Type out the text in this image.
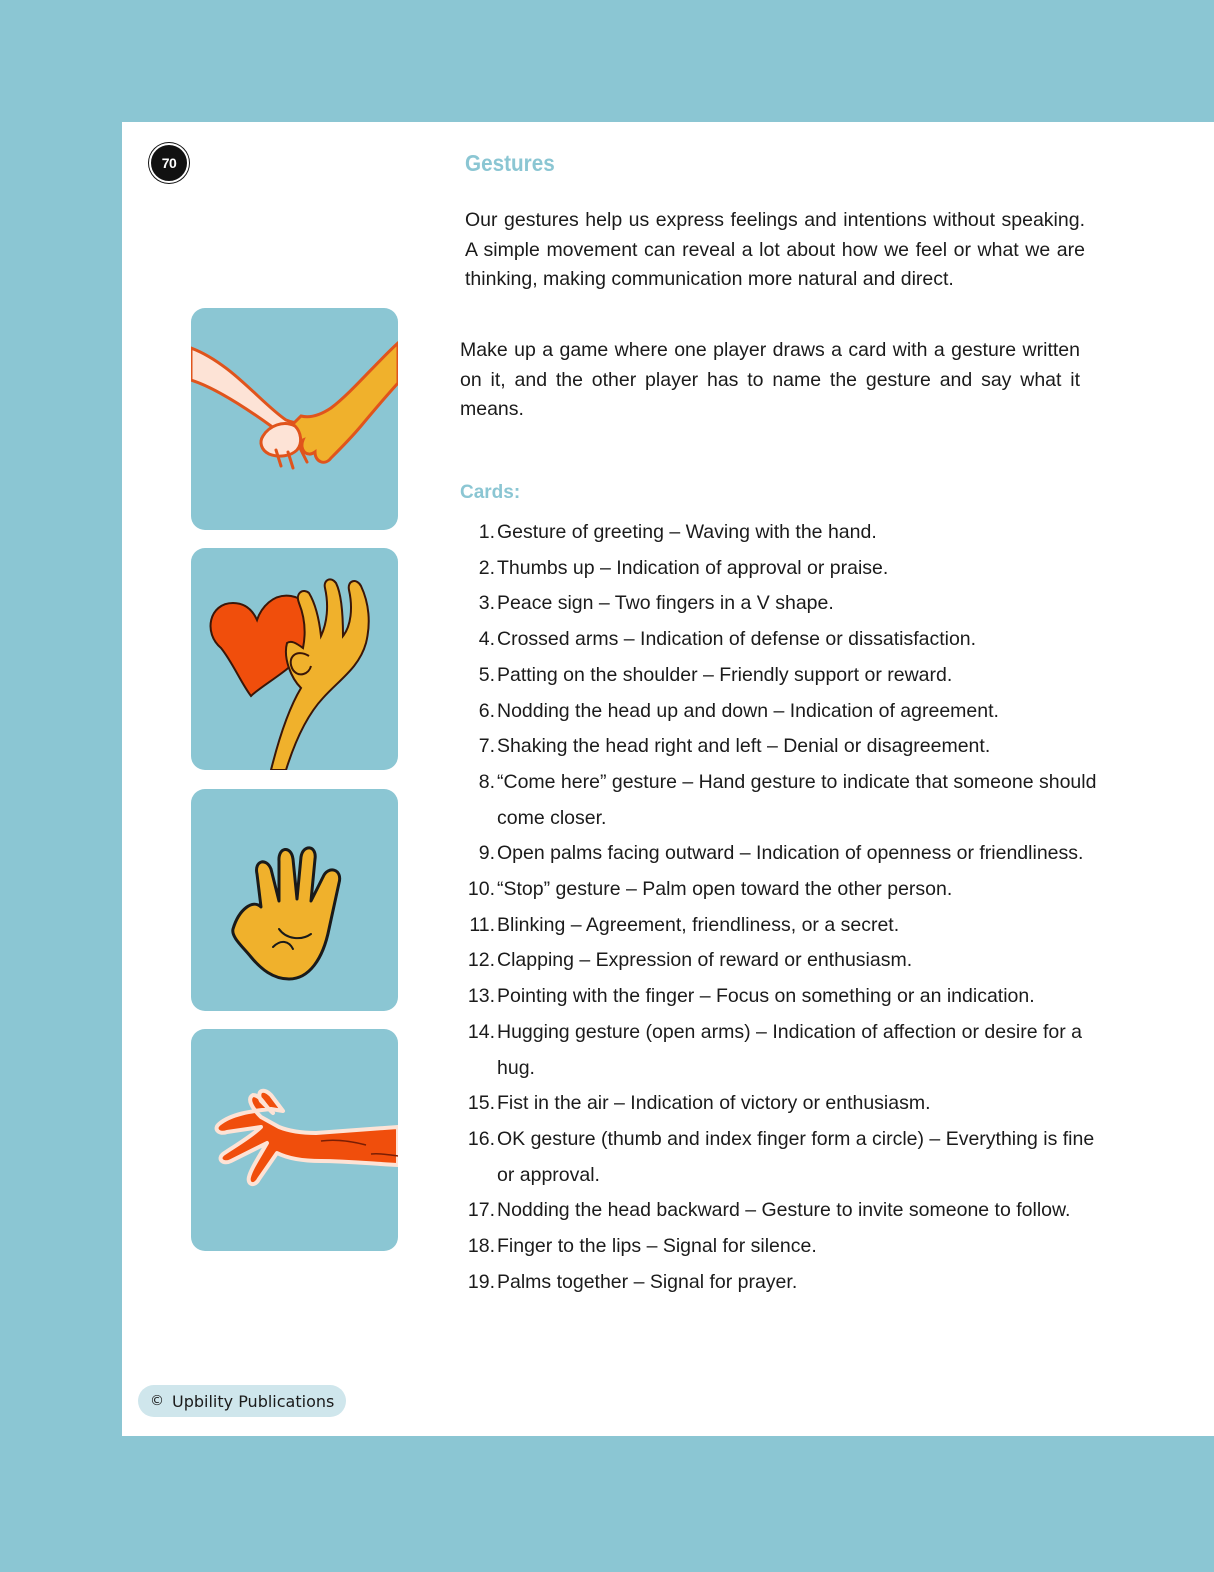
70	Gestures

Our gestures help us express feelings and intentions without speaking. A simple movement can reveal a lot about how we feel or what we are thinking, making communication more natural and direct.

Make up a game where one player draws a card with a gesture written on it, and the other player has to name the gesture and say what it means.

Cards:
1. Gesture of greeting – Waving with the hand.
2. Thumbs up – Indication of approval or praise.
3. Peace sign – Two fingers in a V shape.
4. Crossed arms – Indication of defense or dissatisfaction.
5. Patting on the shoulder – Friendly support or reward.
6. Nodding the head up and down – Indication of agreement.
7. Shaking the head right and left – Denial or disagreement.
8. “Come here” gesture – Hand gesture to indicate that someone should come closer.
9. Open palms facing outward – Indication of openness or friendliness.
10. “Stop” gesture – Palm open toward the other person.
11. Blinking – Agreement, friendliness, or a secret.
12. Clapping – Expression of reward or enthusiasm.
13. Pointing with the finger – Focus on something or an indication.
14. Hugging gesture (open arms) – Indication of affection or desire for a hug.
15. Fist in the air – Indication of victory or enthusiasm.
16. OK gesture (thumb and index finger form a circle) – Everything is fine or approval.
17. Nodding the head backward – Gesture to invite someone to follow.
18. Finger to the lips – Signal for silence.
19. Palms together – Signal for prayer.
© Upbility Publications
